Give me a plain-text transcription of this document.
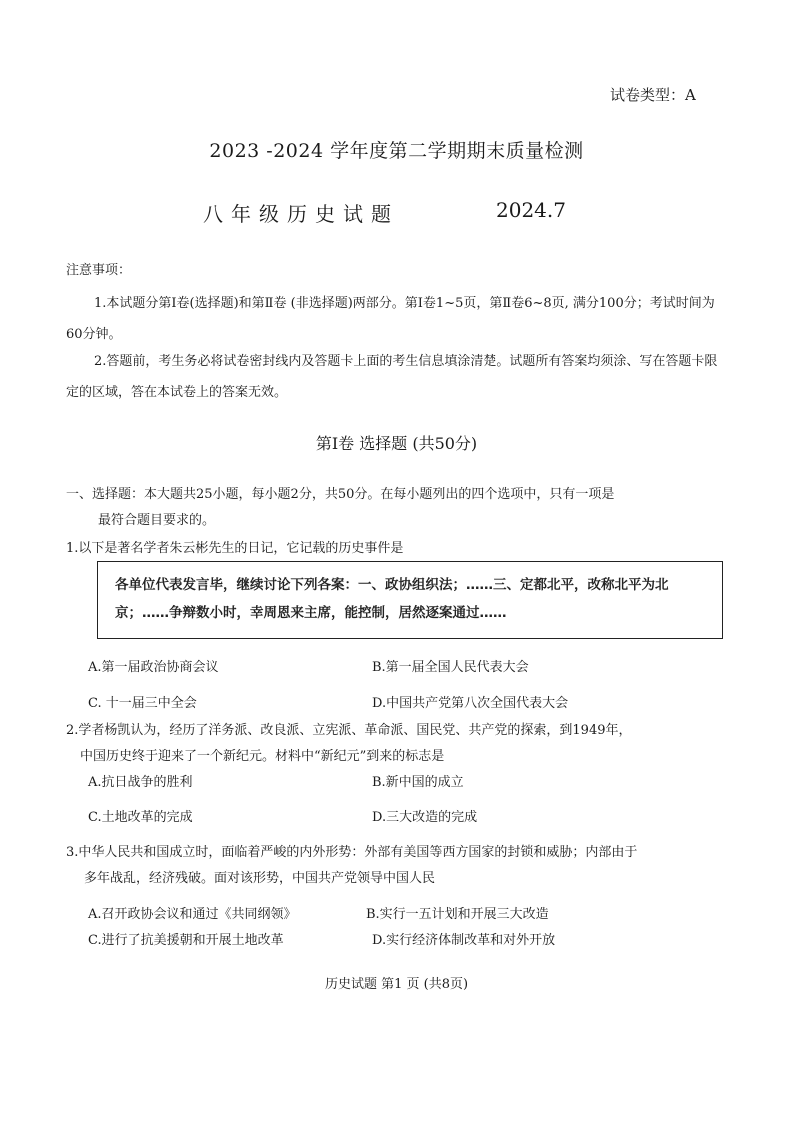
试卷类型：A
2023 -2024 学年度第二学期期末质量检测
八年级历史试题	2024.7
注意事项：
1.本试题分第Ⅰ卷(选择题)和第Ⅱ卷 (非选择题)两部分。第Ⅰ卷1~5页，第Ⅱ卷6~8页, 满分100分；考试时间为60分钟。
2.答题前，考生务必将试卷密封线内及答题卡上面的考生信息填涂清楚。试题所有答案均须涂、写在答题卡限定的区域，答在本试卷上的答案无效。
第Ⅰ卷 选择题 (共50分)
一、选择题：本大题共25小题，每小题2分，共50分。在每小题列出的四个选项中，只有一项是
最符合题目要求的。
1.以下是著名学者朱云彬先生的日记，它记载的历史事件是
各单位代表发言毕，继续讨论下列各案：一、政协组织法；……三、定都北平，改称北平为北京；……争辩数小时，幸周恩来主席，能控制，居然逐案通过……
A.第一届政治协商会议	B.第一届全国人民代表大会
C. 十一届三中全会	D.中国共产党第八次全国代表大会
2.学者杨凯认为，经历了洋务派、改良派、立宪派、革命派、国民党、共产党的探索，到1949年，
中国历史终于迎来了一个新纪元。材料中“新纪元”到来的标志是
A.抗日战争的胜利	B.新中国的成立
C.土地改革的完成	D.三大改造的完成
3.中华人民共和国成立时，面临着严峻的内外形势：外部有美国等西方国家的封锁和威胁；内部由于
多年战乱，经济残破。面对该形势，中国共产党领导中国人民
A.召开政协会议和通过《共同纲领》	B.实行一五计划和开展三大改造
C.进行了抗美援朝和开展土地改革	D.实行经济体制改革和对外开放
历史试题 第1 页 (共8页)
